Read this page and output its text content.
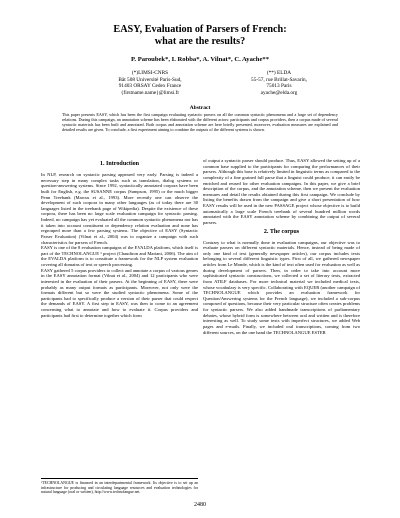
EASY, Evaluation of Parsers of French:
what are the results?
P. Paroubek*, I. Robba*, A. Vilnat*, C. Ayache**
(*)LIMSI-CNRS
Bât 508 Université Paris-Sud,
91403 ORSAY Cedex France
{firstname.name}@limsi.fr
(**) ELDA
55-57, rue Brillat-Savarin,
75013 Paris
ayache@elda.org
Abstract
This paper presents EASY, which has been the first campaign evaluating syntactic parsers on all the common syntactic phenomena and a large set of dependency relations. During this campaign, an annotation scheme has been elaborated with the different actors: participants and corpus providers, then a corpus made of several syntactic materials has been built and annotated. Both corpus and annotation scheme are here briefly presented, moreover, evaluation measures are explained and detailed results are given. To conclude, a first experiment aiming to combine the outputs of the different systems is shown.
1. Introduction

In NLP, research on syntactic parsing appeared very early. Parsing is indeed a necessary step in many complex tasks such as translation, dialog systems or question-answering systems. Since 1992, syntactically annotated corpora have been built for English, e.g. the SUSANNE corpus (Sampson, 1995) or the much bigger Penn Treebank (Marcus et al., 1993). More recently one can observe the development of such corpora in many other languages (as of today there are 30 languages listed in the treebank page of Wikipedia). Despite the existence of these corpora, there has been no large scale evaluation campaign for syntactic parsing. Indeed, no campaign has yet evaluated all the common syntactic phenomena nor has it taken into account constituent or dependency relation evaluation and none has regrouped more than a few parsing systems. The objective of EASY (Syntactic Parser Evaluation) (Vilnat et al., 2004) was to organize a campaign with such characteristics for parsers of French.

EASY is one of the 8 evaluation campaigns of the EVALDA platform, which itself is part of the TECHNOLANGUE ¹ project (Chaudiron and Mariani, 2006). The aim of the EVALDA platform is to constitute a framework for the NLP system evaluation covering all domains of text or speech processing.

EASY gathered 5 corpus providers to collect and annotate a corpus of various genres in the EASY annotation format (Vilnat et al., 2004) and 12 participants who were interested in the evaluation of their parsers. At the beginning of EASY, there were probably as many output formats as participants. Moreover, not only were the formats different but so were the studied syntactic phenomena. Some of the participants had to specifically produce a version of their parser that could respect the demands of EASY. A first step in EASY, was then to come to an agreement concerning what to annotate and how to evaluate it. Corpus providers and participants had first to determine together which form

of output a syntactic parser should produce. Thus, EASY allowed the setting up of a common base supplied to the participants for comparing the performances of their parsers. Although this base is relatively limited in linguistic terms as compared to the complexity of a fine grained full parse that a linguist could produce, it can easily be enriched and reused for other evaluation campaigns. In this paper, we give a brief description of the corpus, and the annotation scheme, then we present the evaluation measures and detail the results obtained during this first campaign. We conclude by listing the benefits drawn from the campaign and give a short presentation of how EASY results will be used in the new PASSAGE project whose objective is to build automatically a large scale French treebank of several hundred million words annotated with the EASY annotation scheme by combining the output of several parsers.

2. The corpus

Contrary to what is normally done in evaluation campaigns, our objective was to evaluate parsers on different syntactic materials. Hence, instead of being made of only one kind of text (generally newspaper articles), our corpus includes texts belonging to several different linguistic types. First of all, we gathered newspaper articles from Le Monde, which is the kind of text often used for evaluation as well as during development of parsers. Then, in order to take into account more sophisticated syntactic constructions, we collected a set of literary texts, extracted from ATILF databases. For more technical material we included medical texts, whose vocabulary is very specific. Collaborating with EQUER (another campaign of TECHNOLANGUE which provides an evaluation framework for Question/Answering systems for the French language), we included a sub-corpus composed of questions, because their very particular structure often creates problems for syntactic parsers. We also added handmade transcriptions of parliamentary debates, whose hybrid form is somewhere between oral and written and is therefore interesting as well. To study some texts with imperfect structures, we added Web pages and e-mails. Finally, we included oral transcriptions, coming from two different sources, on the one hand the TECHNOLANGUE ESTER

¹TECHNOLANGUE is financed in an interdepartmental framework. Its objective is to set up an infrastructure for producing and circulating language resources and evaluation technologies for natural language (oral or written), http://www.technolangue.net.
2480
